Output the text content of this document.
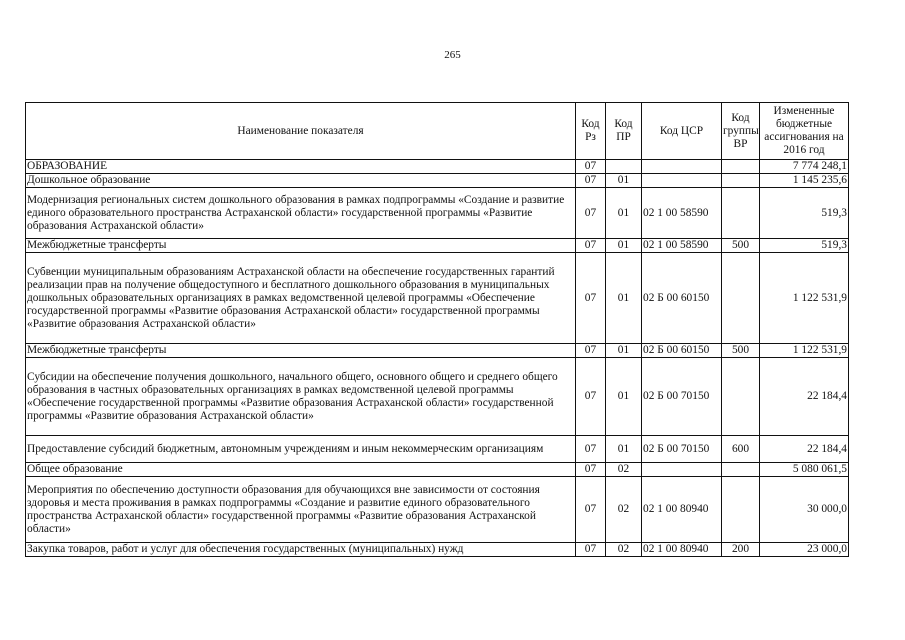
265
Наименование показателя	Код Рз	Код ПР	Код ЦСР	Код группы ВР	Измененные бюджетные ассигнования на 2016 год
ОБРАЗОВАНИЕ	07				7 774 248,1
Дошкольное образование	07	01			1 145 235,6
Модернизация региональных систем дошкольного образования в рамках подпрограммы «Создание и развитие единого образовательного пространства Астраханской области» государственной программы «Развитие образования Астраханской области»	07	01	02 1 00 58590		519,3
Межбюджетные трансферты	07	01	02 1 00 58590	500	519,3
Субвенции муниципальным образованиям Астраханской области на обеспечение государственных гарантий реализации прав на получение общедоступного и бесплатного дошкольного образования в муниципальных дошкольных образовательных организациях в рамках ведомственной целевой программы «Обеспечение государственной программы «Развитие образования Астраханской области» государственной программы «Развитие образования Астраханской области»	07	01	02 Б 00 60150		1 122 531,9
Межбюджетные трансферты	07	01	02 Б 00 60150	500	1 122 531,9
Субсидии на обеспечение получения дошкольного, начального общего, основного общего и среднего общего образования в частных образовательных организациях в рамках ведомственной целевой программы «Обеспечение государственной программы «Развитие образования Астраханской области» государственной программы «Развитие образования Астраханской области»	07	01	02 Б 00 70150		22 184,4
Предоставление субсидий бюджетным, автономным учреждениям и иным некоммерческим организациям	07	01	02 Б 00 70150	600	22 184,4
Общее образование	07	02			5 080 061,5
Мероприятия по обеспечению доступности образования для обучающихся вне зависимости от состояния здоровья и места проживания в рамках подпрограммы «Создание и развитие единого образовательного пространства Астраханской области» государственной программы «Развитие образования Астраханской области»	07	02	02 1 00 80940		30 000,0
Закупка товаров, работ и услуг для обеспечения государственных (муниципальных) нужд	07	02	02 1 00 80940	200	23 000,0
